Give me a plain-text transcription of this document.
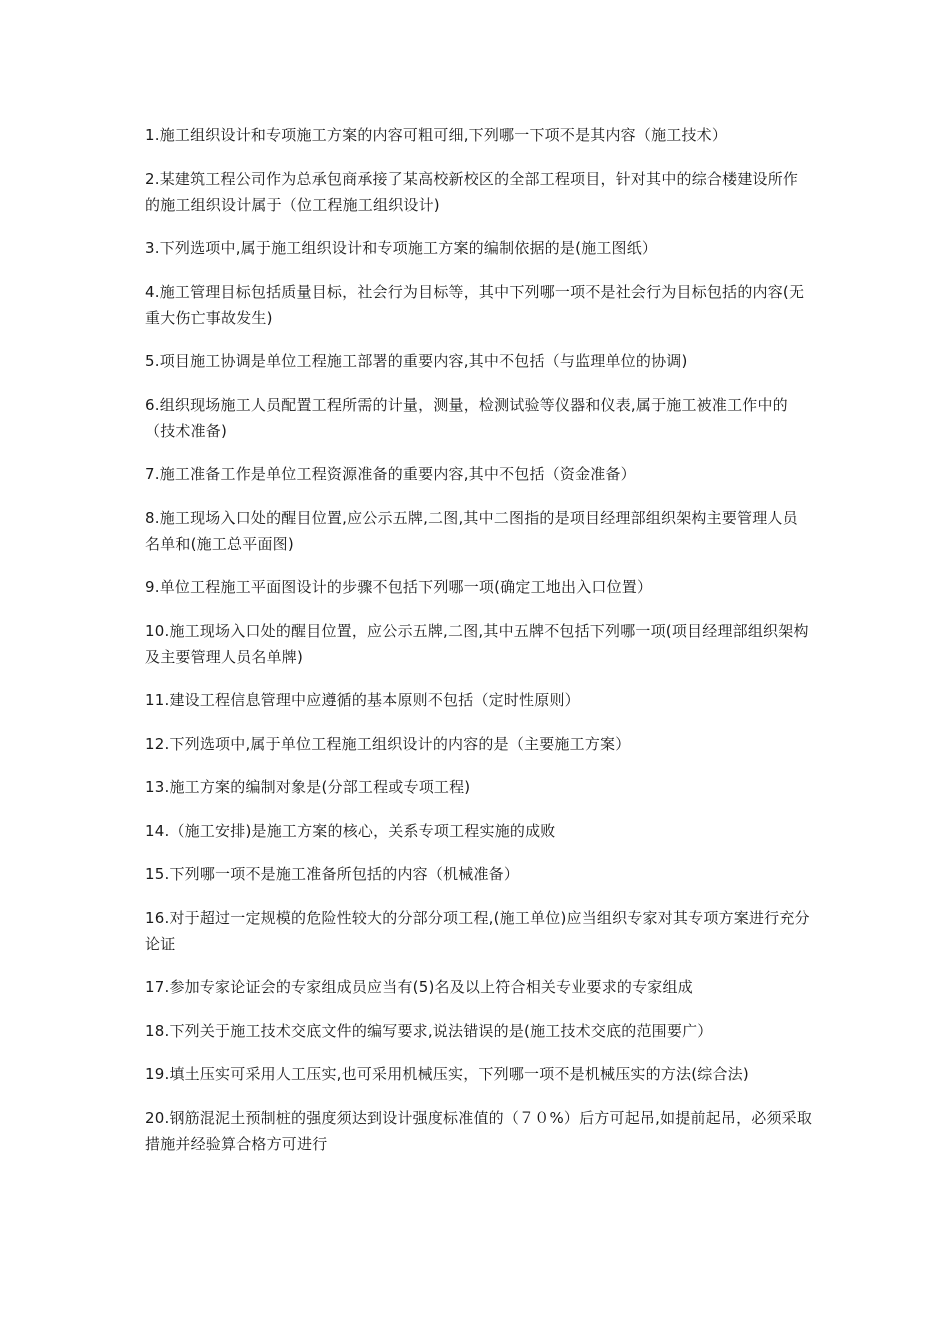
1.施工组织设计和专项施工方案的内容可粗可细,下列哪一下项不是其内容（施工技术）

2.某建筑工程公司作为总承包商承接了某高校新校区的全部工程项目，针对其中的综合楼建设所作的施工组织设计属于（位工程施工组织设计)

3.下列选项中,属于施工组织设计和专项施工方案的编制依据的是(施工图纸）

4.施工管理目标包括质量目标，社会行为目标等，其中下列哪一项不是社会行为目标包括的内容(无重大伤亡事故发生)

5.项目施工协调是单位工程施工部署的重要内容,其中不包括（与监理单位的协调)

6.组织现场施工人员配置工程所需的计量，测量，检测试验等仪器和仪表,属于施工被准工作中的（技术准备)

7.施工准备工作是单位工程资源准备的重要内容,其中不包括（资金准备）

8.施工现场入口处的醒目位置,应公示五牌,二图,其中二图指的是项目经理部组织架构主要管理人员名单和(施工总平面图)

9.单位工程施工平面图设计的步骤不包括下列哪一项(确定工地出入口位置）

10.施工现场入口处的醒目位置，应公示五牌,二图,其中五牌不包括下列哪一项(项目经理部组织架构及主要管理人员名单牌)

11.建设工程信息管理中应遵循的基本原则不包括（定时性原则）

12.下列选项中,属于单位工程施工组织设计的内容的是（主要施工方案）

13.施工方案的编制对象是(分部工程或专项工程)

14.（施工安排)是施工方案的核心，关系专项工程实施的成败

15.下列哪一项不是施工准备所包括的内容（机械准备）

16.对于超过一定规模的危险性较大的分部分项工程,(施工单位)应当组织专家对其专项方案进行充分论证

17.参加专家论证会的专家组成员应当有(5)名及以上符合相关专业要求的专家组成

18.下列关于施工技术交底文件的编写要求,说法错误的是(施工技术交底的范围要广）

19.填土压实可采用人工压实,也可采用机械压实，下列哪一项不是机械压实的方法(综合法)

20.钢筋混泥土预制桩的强度须达到设计强度标准值的（７０%）后方可起吊,如提前起吊，必须采取措施并经验算合格方可进行
